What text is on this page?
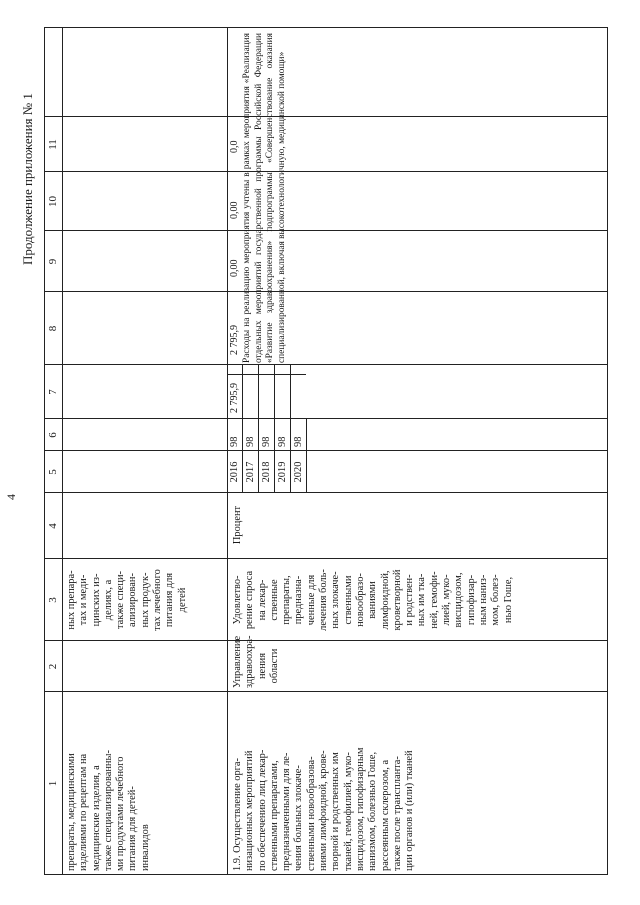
4
Продолжение приложения № 1
1
2
3
4
5
6
7
8
9
10
11
препараты, медицинскими изделиями по рецептам на медицинские изделия, а также специализированны- ми продуктами лечебного питания для детей- инвалидов
ных препара- тах и меди- цинских из- делиях, а также специ- ализирован- ных продук- тах лечебного питания для детей
1.9. Осуществление орга- низационных мероприятий по обеспечению лиц лекар- ственными препаратами, предназначенными для ле- чения больных злокаче- ственными новообразова- ниями лимфоидной, крове- творной и родственных им тканей, гемофилией, муко- висцидозом, гипофизарным нанизмом, болезнью Гоше, рассеянным склерозом, а также после трансплантa- ции органов и (или) тканей
Управление здравоохра- нения области
Удовлетво- рение спроса на лекар- ственные препараты, предназна- ченные для лечения боль- ных злокаче- ственными новообразо- ваниями лимфоидной, кроветворной и родствен- ных им тка- ней, гемофи- лией, муко- висцидозом, гипофизар- ным наниз- мом, болез- нью Гоше,
Процент
2016 2017 2018 2019 2020
98 98 98 98 98
2 795,9
2 795,9
0,00
0,00
0,0 Расходы на реализацию мероприятия учтены в рамках мероприятия «Реализация отдельных мероприятий государственной программы Российской Федерации «Развитие здравоохранения» подпрограммы «Совершенствование оказания специализированной, включая высокотехнологичную, медицинской помощи»
